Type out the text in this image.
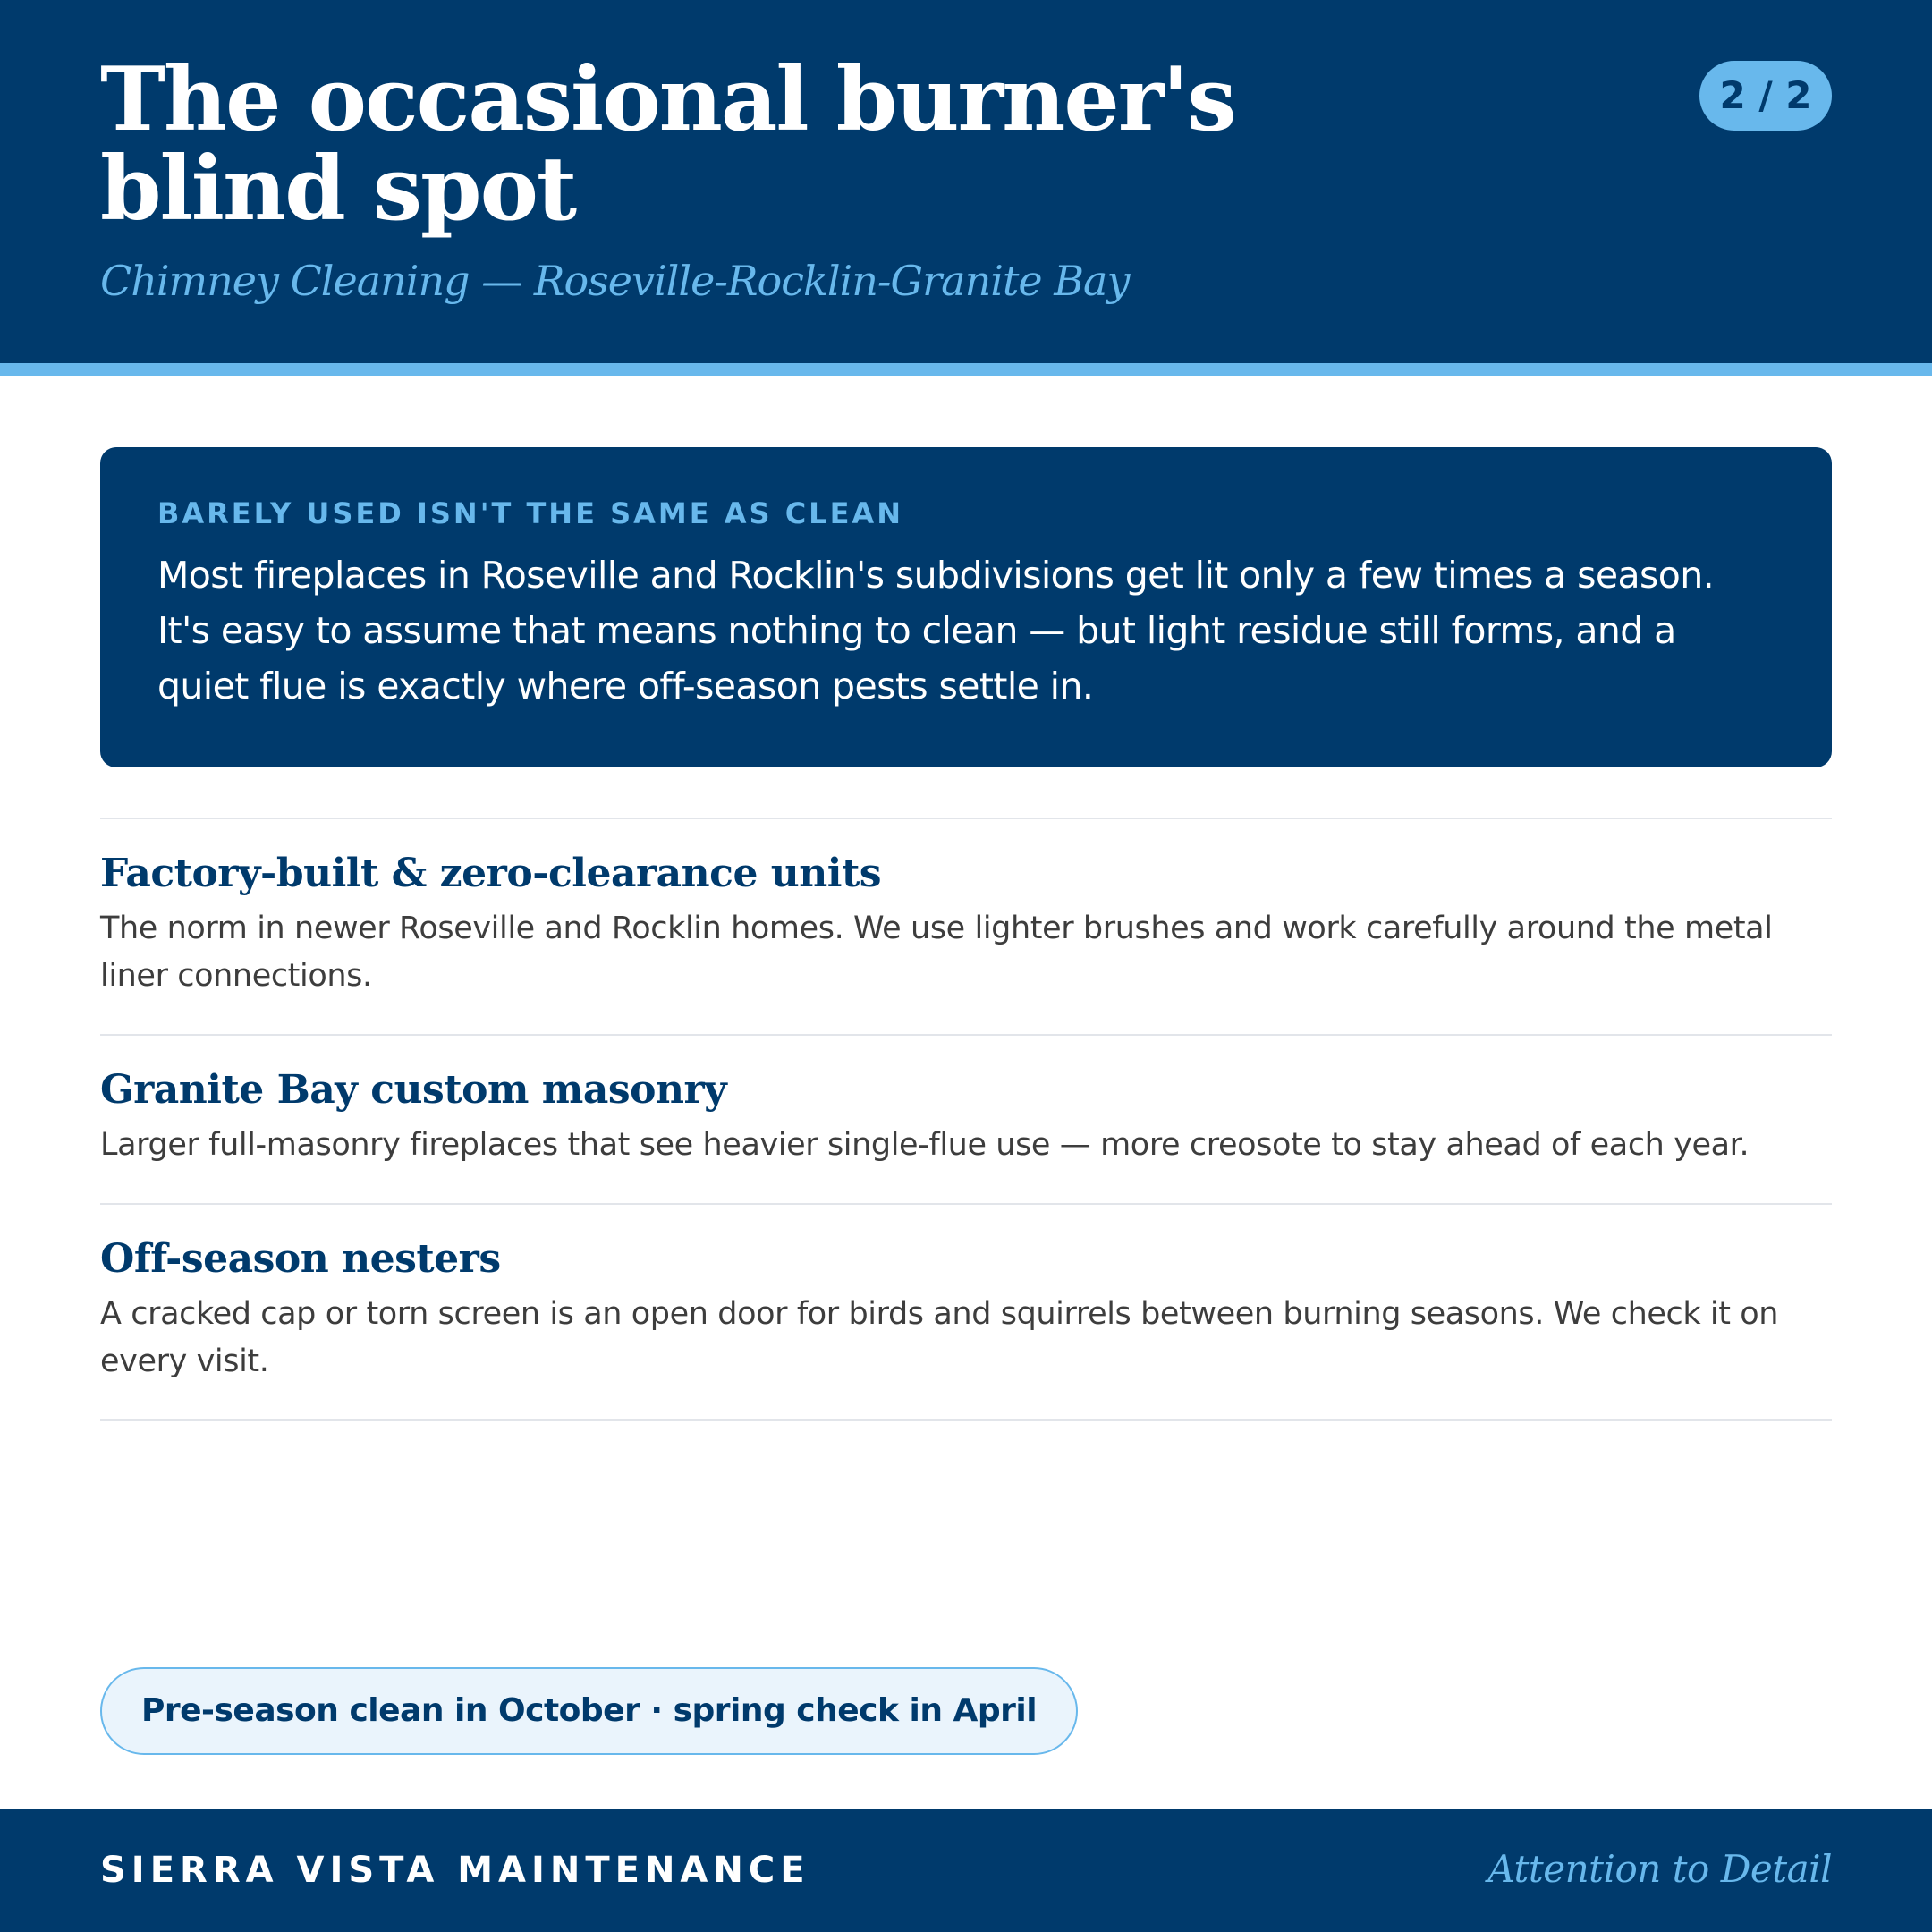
The occasional burner's blind spot
Chimney Cleaning — Roseville-Rocklin-Granite Bay
2 / 2
BARELY USED ISN'T THE SAME AS CLEAN

Most fireplaces in Roseville and Rocklin's subdivisions get lit only a few times a season. It's easy to assume that means nothing to clean — but light residue still forms, and a quiet flue is exactly where off-season pests settle in.

Factory-built & zero-clearance units

The norm in newer Roseville and Rocklin homes. We use lighter brushes and work carefully around the metal liner connections.

Granite Bay custom masonry

Larger full-masonry fireplaces that see heavier single-flue use — more creosote to stay ahead of each year.

Off-season nesters

A cracked cap or torn screen is an open door for birds and squirrels between burning seasons. We check it on every visit.

Pre-season clean in October · spring check in April
SIERRA VISTA MAINTENANCE	Attention to Detail
